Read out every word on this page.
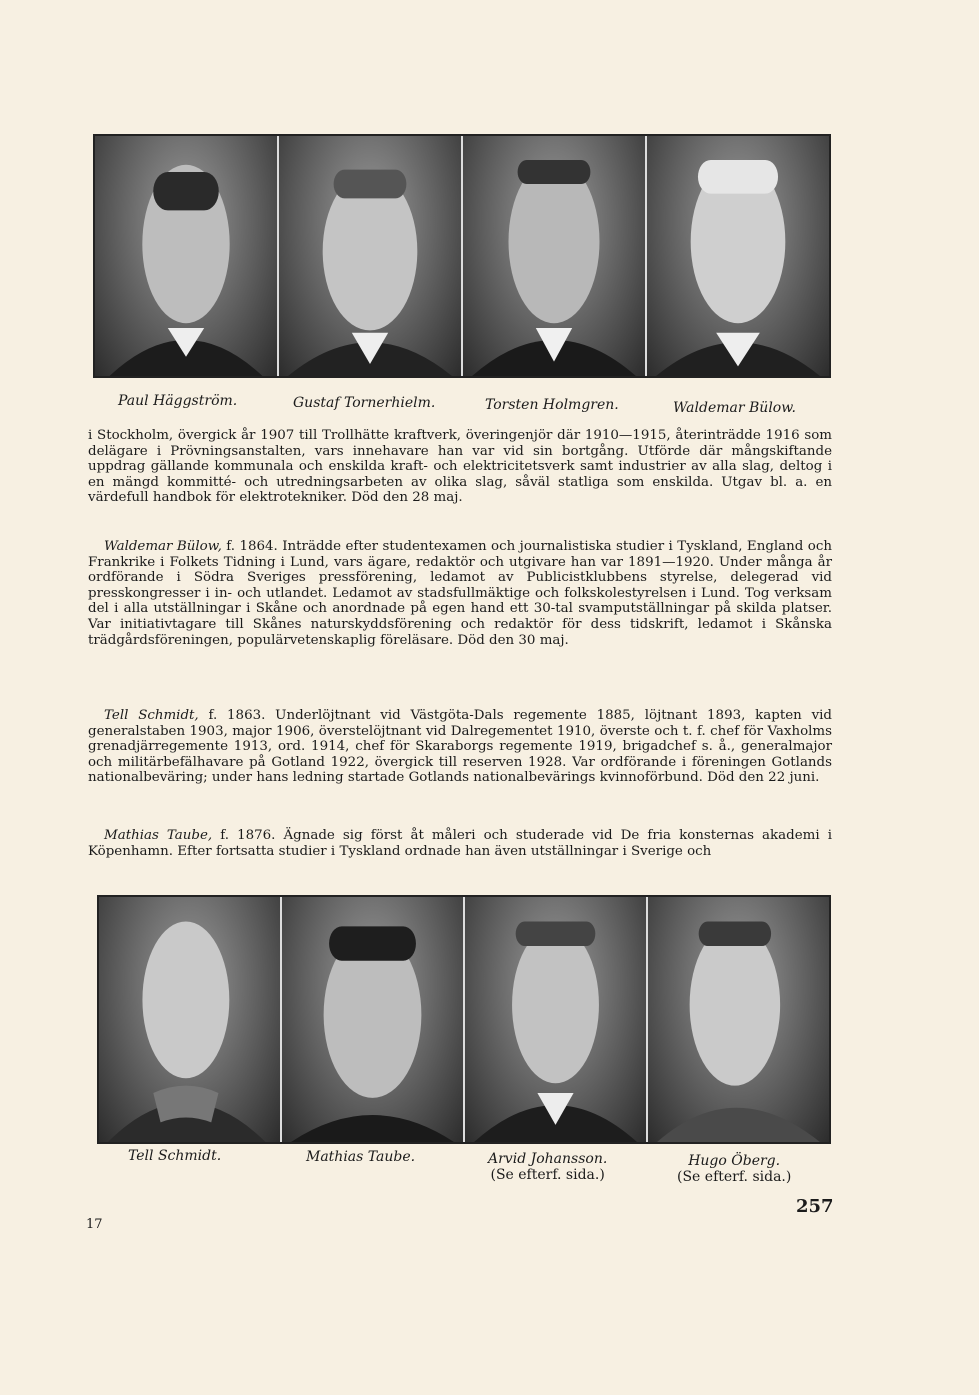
Paul Häggström.	Gustaf Tornerhielm.	Torsten Holmgren.	Waldemar Bülow.
i Stockholm, övergick år 1907 till Trollhätte kraftverk, överingenjör där 1910—1915, återinträdde 1916 som delägare i Prövningsanstalten, vars innehavare han var vid sin bortgång. Utförde där mångskiftande uppdrag gällande kommunala och enskilda kraft- och elektricitetsverk samt industrier av alla slag, deltog i en mängd kommitté- och utredningsarbeten av olika slag, såväl statliga som enskilda. Utgav bl. a. en värdefull handbok för elektrotekniker. Död den 28 maj.
Waldemar Bülow, f. 1864. Inträdde efter studentexamen och journalistiska studier i Tyskland, England och Frankrike i Folkets Tidning i Lund, vars ägare, redaktör och utgivare han var 1891—1920. Under många år ordförande i Södra Sveriges pressförening, ledamot av Publicistklubbens styrelse, delegerad vid presskongresser i in- och utlandet. Ledamot av stadsfullmäktige och folkskolestyrelsen i Lund. Tog verksam del i alla utställningar i Skåne och anordnade på egen hand ett 30-tal svamputställningar på skilda platser. Var initiativtagare till Skånes naturskyddsförening och redaktör för dess tidskrift, ledamot i Skånska trädgårdsföreningen, populärvetenskaplig föreläsare. Död den 30 maj.
Tell Schmidt, f. 1863. Underlöjtnant vid Västgöta-Dals regemente 1885, löjtnant 1893, kapten vid generalstaben 1903, major 1906, överstelöjtnant vid Dalregementet 1910, överste och t. f. chef för Vaxholms grenadjärregemente 1913, ord. 1914, chef för Skaraborgs regemente 1919, brigadchef s. å., generalmajor och militärbefälhavare på Gotland 1922, övergick till reserven 1928. Var ordförande i föreningen Gotlands nationalbeväring; under hans ledning startade Gotlands nationalbevärings kvinnoförbund. Död den 22 juni.
Mathias Taube, f. 1876. Ägnade sig först åt måleri och studerade vid De fria konsternas akademi i Köpenhamn. Efter fortsatta studier i Tyskland ordnade han även utställningar i Sverige och
Tell Schmidt.	Mathias Taube.	Arvid Johansson.
(Se efterf. sida.)
Hugo Öberg.
(Se efterf. sida.)
257
17
